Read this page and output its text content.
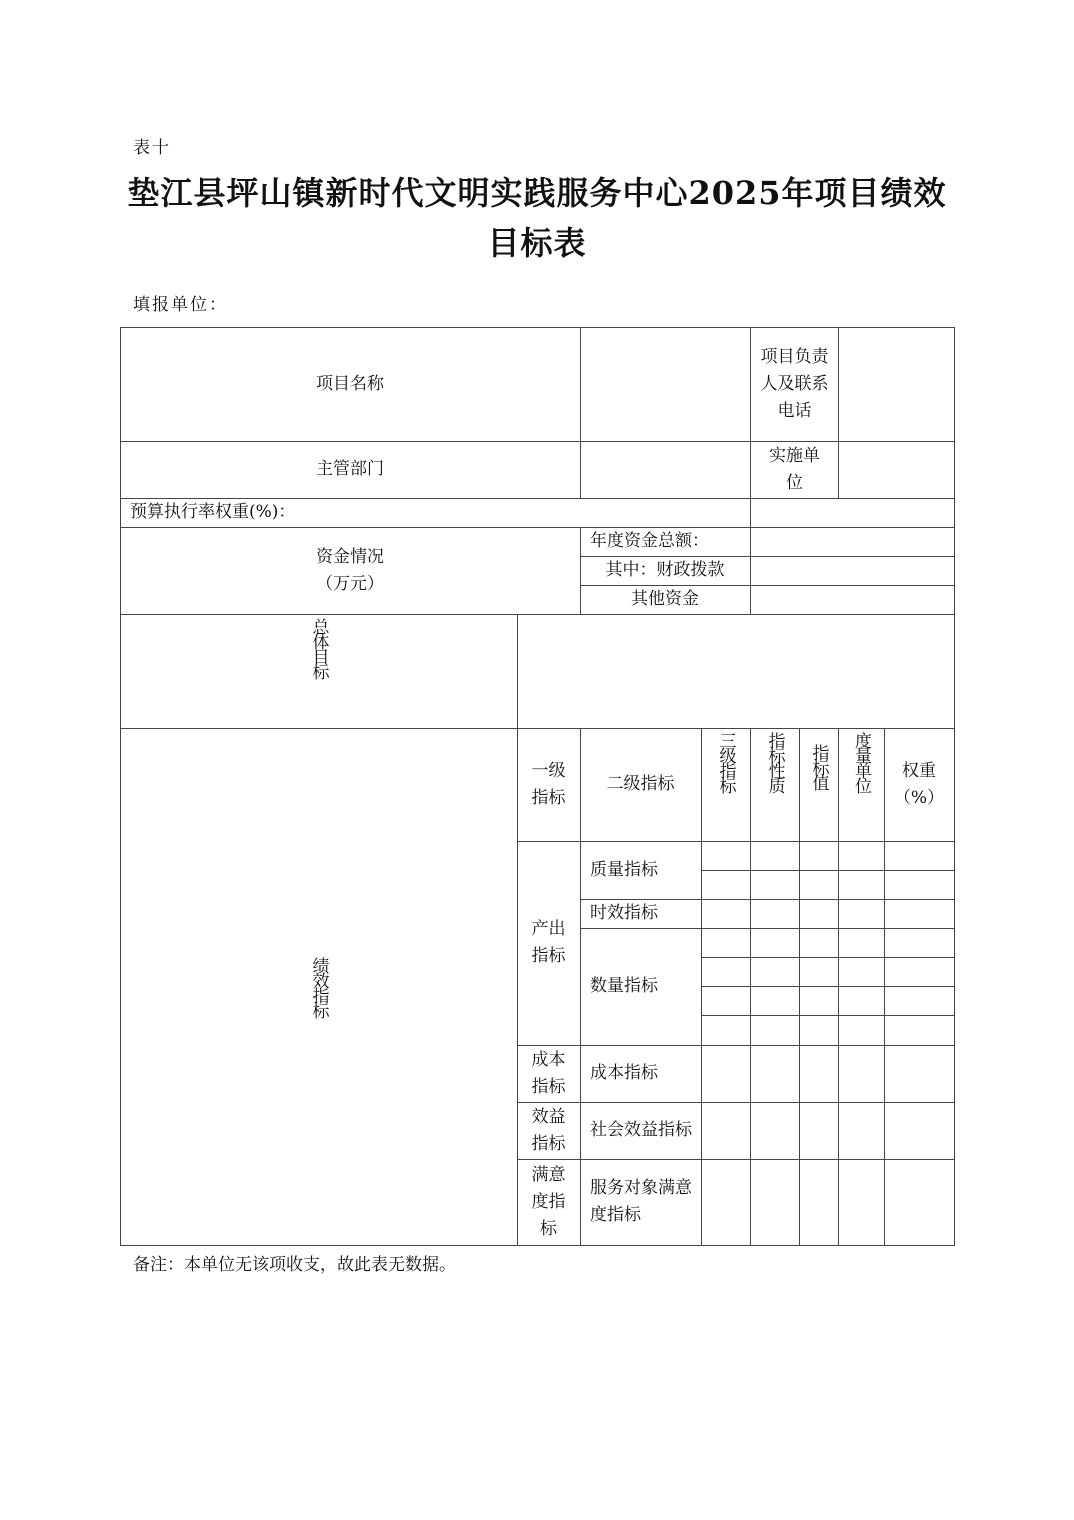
表十
垫江县坪山镇新时代文明实践服务中心2025年项目绩效目标表
填报单位：
项目名称
项目负责人及联系电话
主管部门
实施单位
预算执行率权重(%)：
资金情况（万元）
年度资金总额：
其中：财政拨款
其他资金
总体目标
绩效指标
一级指标
二级指标 三级指标 指标性质 指标值 度量单位	权重（%）
产出指标
质量指标
时效指标
数量指标
成本指标
成本指标
效益指标
社会效益指标
满意度指标
服务对象满意度指标
备注：本单位无该项收支，故此表无数据。
